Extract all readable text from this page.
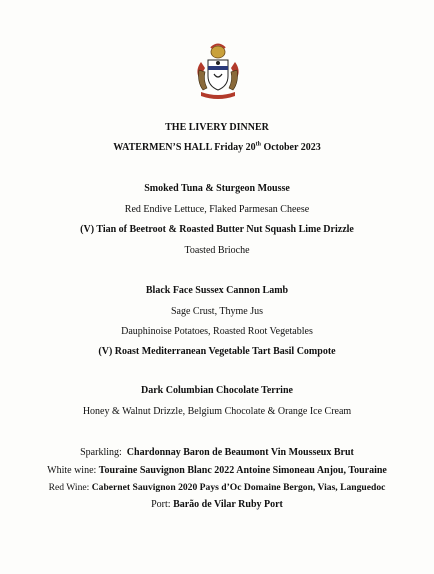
THE LIVERY DINNER
WATERMEN’S HALL Friday 20th October 2023
Smoked Tuna & Sturgeon Mousse
Red Endive Lettuce, Flaked Parmesan Cheese
(V) Tian of Beetroot & Roasted Butter Nut Squash Lime Drizzle
Toasted Brioche
Black Face Sussex Cannon Lamb
Sage Crust, Thyme Jus
Dauphinoise Potatoes, Roasted Root Vegetables
(V) Roast Mediterranean Vegetable Tart Basil Compote
Dark Columbian Chocolate Terrine
Honey & Walnut Drizzle, Belgium Chocolate & Orange Ice Cream
Sparkling:  Chardonnay Baron de Beaumont Vin Mousseux Brut
White wine: Touraine Sauvignon Blanc 2022 Antoine Simoneau Anjou, Touraine
Red Wine: Cabernet Sauvignon 2020 Pays d’Oc Domaine Bergon, Vias, Languedoc
Port: Barão de Vilar Ruby Port
